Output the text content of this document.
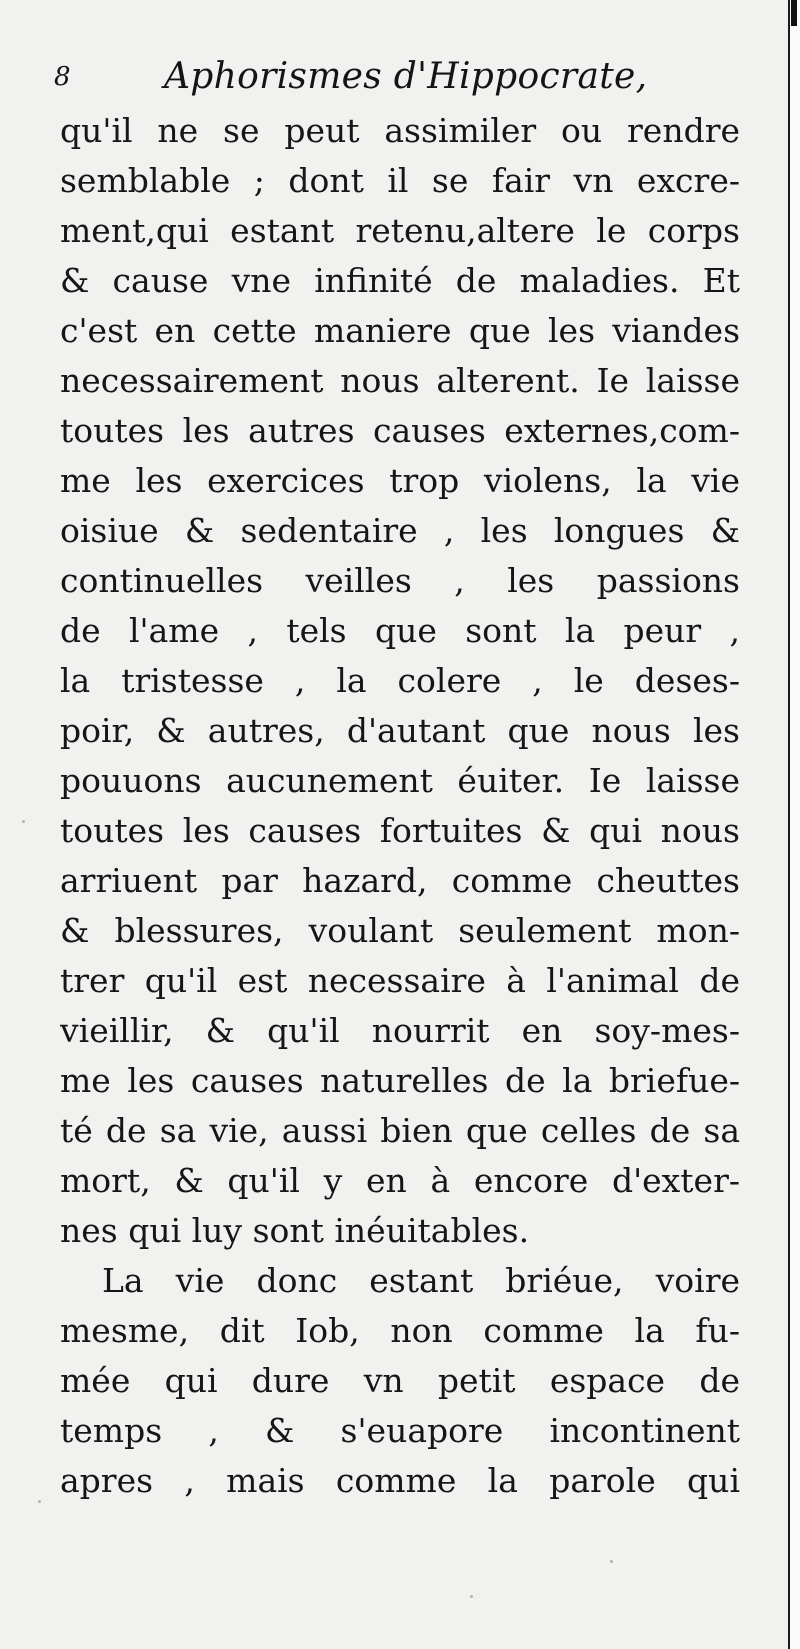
8	Aphorismes d'Hippocrate,
qu'il ne se peut assimiler ou rendre
semblable ; dont il se fair vn excre-
ment,qui estant retenu,altere le corps
& cause vne infinité de maladies. Et
c'est en cette maniere que les viandes
necessairement nous alterent. Ie laisse
toutes les autres causes externes,com-
me les exercices trop violens, la vie
oisiue & sedentaire , les longues &
continuelles veilles , les passions
de l'ame , tels que sont la peur ,
la tristesse , la colere , le deses-
poir, & autres, d'autant que nous les
pouuons aucunement éuiter. Ie laisse
toutes les causes fortuites & qui nous
arriuent par hazard, comme cheuttes
& blessures, voulant seulement mon-
trer qu'il est necessaire à l'animal de
vieillir, & qu'il nourrit en soy-mes-
me les causes naturelles de la briefue-
té de sa vie, aussi bien que celles de sa
mort, & qu'il y en à encore d'exter-
nes qui luy sont inéuitables.
La vie donc estant briéue, voire
mesme, dit Iob, non comme la fu-
mée qui dure vn petit espace de
temps , & s'euapore incontinent
apres , mais comme la parole qui
